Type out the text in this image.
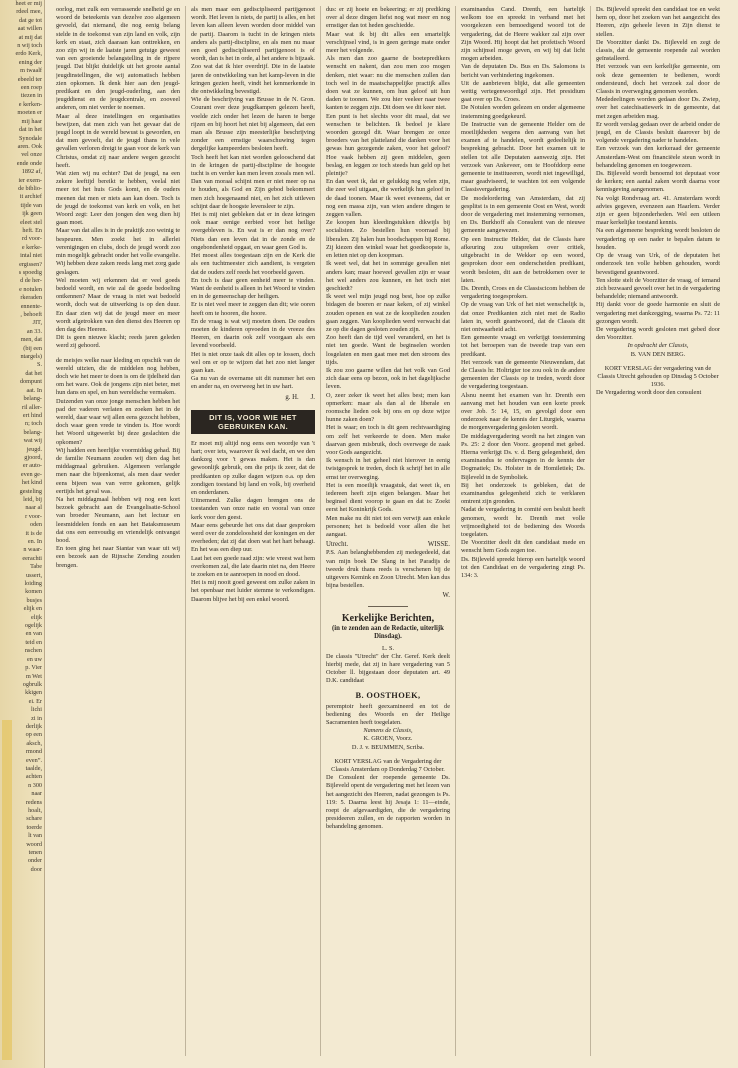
heet er mij

rdeel mee,

dat ge tot

aat willen

at mij dat

n wij toch

erdo Kerk,

ening der

m twaalf

ebeeld ter

een roep

tiezen in

e kerken-

moeten er

mij haar

dat in het

Synodale

aren. Ook

vel onze

ende onde

1892 af,

ier exem-

de biblio-

it archief

tijde van

ijk geen

eleet stel

heft. En

rd voor-

e kerke-

intal niet

ergissen?

s spoedig

d de her-

e notulen

rkeraden

ennente-

, behoeft

JIT,

an 33.

men, dat

(bij een

ntargels)

S.

dat het

dompunt

aat. In

belang-

ril aller-

ert hind

n; toch

belang-

wat wij

jeugd.

gjoord,

er auto-

even ge-

het kind

gesteling

leid, bij

naar al

r voor-

oden

it is de

en. In

n waar-

eerachti

Tabe

ussert,

loiding

komen

busjes

elijk en

elijk

ogelijk

en van

teid en

nschen

en uw

p. Vier

m Wet

ogbrulk

kkigen

ei. Er

lichi

zi in

derlijk

op een

aksch,

rmond

even”.

taalde,

achten

n 300

naar

redens

hoalt,

schare

toerde

lt van

woord

tenen

onder

door

oorlog, met zulk een verrassende snelheid ge en woord de beteekenis van dezelve zoo algemeen gevoeld, dat niemand, die nog eenig belang stelde in de toekomst van zijn land en volk, zijn kerk en staat, zich daaraan kan onttrekken, en zoo zijn wij in de laatste jaren getuige geweest van een groeiende belangstelling in de rijpere jeugd. Dat blijkt duidelijk uit het groote aantal jeugdinstellingen, die wij automatisch hebben zien opkomen. Ik denk hier aan den jeugd-predikant en den jeugd-ouderling, aan den jeugddienst en de jeugdcentrale, en zooveel anderen, om niet verder te noemen.

Maar al deze instellingen en organisaties bewijzen, dat men zich van het gevaar dat de jeugd loopt in de wereld bewust is geworden, en dat men gevoelt, dat de jeugd thans in vele gevallen verloren dreigt te gaan voor de kerk van Christus, omdat zij naar andere wegen gezocht heeft.

Wat zien wij nu echter? Dat de jeugd, na een zekere leeftijd bereikt te hebben, veelal niet meer tot het huis Gods komt, en de ouders meenen dat men er niets aan kan doen. Toch is de jeugd de toekomst van kerk en volk, en het Woord zegt: Leer den jongen den weg dien hij gaan moet.

Maar van dat alles is in de praktijk zoo weinig te bespeuren. Men zoekt het in allerlei verenigingen en clubs, doch de jeugd wordt zoo min mogelijk gebracht onder het volle evangelie. Wij hebben deze zaken reeds lang met zorg gade geslagen.

Wel moeten wij erkennen dat er veel goeds bedoeld wordt, en wie zal de goede bedoeling ontkennen? Maar de vraag is niet wat bedoeld wordt, doch wat de uitwerking is op den duur. En daar zien wij dat de jeugd meer en meer wordt afgetrokken van den dienst des Heeren op den dag des Heeren.

Dit is geen nieuwe klacht; reeds jaren geleden werd zij gehoord.

de meisjes welke naar kleding en opschik van de wereld uitzien, die de middelen nog hebben, doch wie het meer te doen is om de ijdelheid dan om het ware. Ook de jongens zijn niet beter, met hun dans en spel, en hun wereldsche vermaken.

Duizenden van onze jonge menschen hebben het pad der vaderen verlaten en zoeken het in de wereld, daar waar wij allen eens gezocht hebben, doch waar geen vrede te vinden is. Hoe wordt het Woord uitgewerkt bij deze geslachten die opkomen?

Wij hadden een heerlijke voormiddag gehad. Bij de familie Neumann zouden wij dien dag het middagmaal gebruiken. Algemeen verlangde men naar die bijeenkomst, als men daar weder eens bijeen was van verre gekomen, gelijk eertijds het geval was.

Na het middagmaal hebben wij nog een kort bezoek gebracht aan de Evangelisatie-School van broeder Neumann, aan het lectuur en leesmiddelen fonds en aan het Bataksmuseum dat ons een eenvoudig en vriendelijk ontvangst bood.

En toen ging het naar Siantar van waar uit wij een bezoek aan de Rijnsche Zending zouden brengen.

als men maar een gediscipliseerd partijgenoot wordt. Het leven is niets, de partij is alles, en het leven kan alleen leven worden door middel van de partij. Daarom is tucht in de kringen niets anders als partij-discipline, en als men nu maar een goed gediscipliseerd partijgenoot is of wordt, dan is het in orde, al het andere is bijzaak. Zoo wat dat ik hier overdrijf. Die in de laatste jaren de ontwikkeling van het kamp-leven in die kringen gezien heeft, vindt het kenmerkende in die ontwikkeling bevestigd.

Wie de beschrijving van Brusse in de N. Gron. Courant over deze jeugdkampen gelezen heeft, voelde zich onder het lezen de haren te berge rijzen en bij hoort het niet bij algemeen, dat een man als Brusse zijn meesterlijke beschrijving zonder een ernstige waarschuwing tegen dergelijke kampeerders besloten heeft.

Toch heeft het kan niet worden gelooschend dat in de kringen de partij-discipline de hoogste tucht is en verder kan men leven zooals men wil. Dan van moraal schijnt men er niet meer op na te houden, als God en Zijn gebod bekommert men zich hoegenaamd niet, en het zich uitleven schijnt daar de hoogste levensleer te zijn.

Het is mij niet gebleken dat er in deze kringen ook maar eenige eerbied voor het heilige overgebleven is. En wat is er dan nog over? Niets dan een leven dat in de zonde en de ongebondenheid opgaat, en waar geen God is.

Het moest alles toegestaan zijn en de Kerk die als een tuchtmeester zich aandient, is vergeten dat de ouders zelf reeds het voorbeeld gaven.

En toch is daar geen eenheid meer te vinden. Want de eenheid is alleen in het Woord te vinden en in de gemeenschap der heiligen.

Er is niet veel meer te zeggen dan dit; wie ooren heeft om te hooren, die hoore.

En de vraag is wat wij moeten doen. De ouders moeten de kinderen opvoeden in de vreeze des Heeren, en daarin ook zelf voorgaan als een levend voorbeeld.

Het is niet onze taak dit alles op te lossen, doch wel om er op te wijzen dat het zoo niet langer gaan kan.

Ga nu van de overname uit dit nummer het een en ander na, en overweeg het in uw hart.

g. H. J.

DIT IS, VOOR WIE HET GEBRUIKEN KAN.

Er moet mij altijd nog eens een woordje van 't hart; over iets, waarover ik wel dacht, en we den dankzeg voor 't gewas maken. Het is dan gewoonlijk gebruik, om die prijs ik zeer, dat de predikanten op zulke dagen wijzen o.a. op den zondigen toestand bij land en volk, bij overheid en onderdanen.

Uitnemend. Zulke dagen brengen ons de toestanden van onze natie en vooral van onze kerk voor den geest.

Maar eens gebeurde het ons dat daar gesproken werd over de zondeloosheid der koningen en der overheden; dat zij dat doen wat het hart behaagt. En het was een diep uur.

Laat het een goede raad zijn: wie vreest wat hem overkomen zal, die late daarin niet na, den Heere te zoeken en te aanroepen in nood en dood.

Het is mij nooit goed geweest om zulke zaken in het openbaar met luider stemme te verkondigen. Daarom blijve het bij een enkel woord.

dus: er zij hoete en bekeering; er zij prediking over al deze dingen liefst nog wat meer en nog ernstiger dan tot heden geschiedde.

Maar wat ik bij dit alles een smartelijk verschijnsel vind, is in geen geringe mate onder meer het volgende.

Als men dan zoo gaarne de boetepredikers wenscht en nakent, dan zou men zoo mogen denken, niet waar: nu die menschen zullen dan toch wel in de maatschappelijke practijk alles doen wat ze kunnen, om hun geloof uit hun daden te toonen. We zou hier veeleer naar twee kanten te zeggen zijn. Dit doen we dit keer niet.

Een punt is het slechts voor dit maal, dat we wenschen te belichten. Ik bedoel je klare woorden gezegd dit. Waar brengen ze onze broeders van het platteland die danken voor het gewas hun gezegende zaken, voor het geloof? Hoe vaak hebben zij geen middelen, geen beslag, en leggen ze toch steeds hun geld op het pleintje?

En dan weet ik, dat er gelukkig nog velen zijn, die zeer wel uitgaan, die werkelijk hun geloof in de daad toonen. Maar ik weet eveneens, dat er nog een massa zijn, van wien andere dingen te zeggen vallen.

Ze koopen hun kleedingstukken dikwijls bij socialisten. Zo bestellen hun voorraad bij liberalen. Zij halen hun boodschappen bij Rome. Zij kiezen den winkel waar het goedkoopste is, en letten niet op den koopman.

Ik weet wel, dat het in sommige gevallen niet anders kan; maar hoeveel gevallen zijn er waar het wel anders zou kunnen, en het toch niet geschiedt?

Ik weet wel mijn jeugd nog best, hoe op zulke bidagen de boeren er naar keken, of zij winkel zouden openen en wat ze de kooplieden zouden gaan zeggen. Van kooplieden werd verwacht dat ze op die dagen gesloten zouden zijn.

Zoo heeft dan de tijd veel veranderd, en het is niet ten goede. Want de beginselen worden losgelaten en men gaat mee met den stroom des tijds.

Ik zou zoo gaarne willen dat het volk van God zich daar eens op bezon, ook in het dagelijksche leven.

O, zeer zeker ik weet het alles best; men kan opmerken: maar als dan al de liberale en roomsche lieden ook bij ons en op deze wijze hunne zaken doen?

Het is waar; en toch is dit geen rechtvaardiging om zelf het verkeerde te doen. Men make daarvan geen misbruik, doch overwege de zaak voor Gods aangezicht.

Ik wensch in het geheel niet hierover in eenig twistgesprek te treden, doch ik schrijf het in alle ernst ter overweging.

Het is een moeilijk vraagstuk, dat weet ik, en iedereen heeft zijn eigen belangen. Maar het beginsel dient voorop te gaan en dat is: Zoekt eerst het Koninkrijk Gods.

Men make nu dit niet tot een verwijt aan enkele personen; het is bedoeld voor allen die het aangaat.

Utrecht.	WISSE.

P.S. Aan belanghebbenden zij medegedeeld, dat van mijn boek De Slang in het Paradijs de tweede druk thans reeds is verschenen bij de uitgevers Kemink en Zoon Utrecht. Men kan dus bijna bestellen.

W.

Kerkelijke Berichten,
(in te zenden aan de Redactie, uiterlijk Dinsdag).

L. S.

De classis "Utrecht" der Chr. Geref. Kerk deelt hierbij mede, dat zij in hare vergadering van 5 October ll. bijgestaan door deputaten art. 49 D.K. candidaat

B. OOSTHOEK,

peremptoir heeft geexamineerd en tot de bediening des Woords en der Heilige Sacramenten heeft toegelaten.

Namens de Classis,

K. GROEN, Voorz.

D. J. v. BEUMMEN, Scriba.

KORT VERSLAG van de Vergadering der Classis Amsterdam op Donderdag 7 October.

De Consulent der roepende gemeente Ds. Bijleveld opent de vergadering met het lezen van het aangezicht des Heeren, nadat gezongen is Ps. 119: 5. Daarna leest hij Jesaja 1: 11—einde, roept de afgevaardigden, die de vergadering presideeren zullen, en de rapporten worden in behandeling genomen.

examinandus Cand. Drenth, een hartelijk welkom toe en spreekt in verband met het voorgelezen een bemoedigend woord tot de vergadering, dat de Heere wakker zal zijn over Zijn Woord. Hij hoopt dat het profetisch Woord zijn schijnsel moge geven, en wij bij dat licht mogen arbeiden.

Van de deputaten Ds. Bus en Ds. Salomons is bericht van verhindering ingekomen.

Uit de aanbrieven blijkt, dat alle gemeenten wettig vertegenwoordigd zijn. Het presidium gaat over op Ds. Croes.

De Notulen worden gelezen en onder algemeene instemming goedgekeurd.

De Instructie van de gemeente Helder om de moeilijkheden wegens den aanvang van het examen af te handelen, wordt gedeeltelijk in bespreking gebracht. Door het examen uit te stellen tot alle Deputaten aanwezig zijn. Het verzoek van Ankeveer, om te Hoofddorp eene gemeente te institueeren, wordt niet ingewilligd, maar geadviseerd, te wachten tot een volgende Classisvergadering.

De modelordering van Amsterdam, dat zij gesplitst is in een gemeente Oost en West, wordt door de vergadering met instemming vernomen, en Ds. Burkhoff als Consulent van de nieuwe gemeente aangewezen.

Op een Instructie Helder, dat de Classis hare afkeuring zou uitspreken over critiek, uitgebracht in de Wekker op een woord, gesproken door een onderscheiden predikant, wordt besloten, dit aan de betrokkenen over te laten.

Ds. Drenth, Croes en de Classiscicom hebben de vergadering toegesproken.

Op de vraag van Urk of het niet wenschelijk is, dat onze Predikanten zich niet met de Radio laten in, wordt geantwoord, dat de Classis dit niet ontwaarheid acht.

Een gemeente vraagt en verkrijgt toestemming tot het beroepen van de tweede trap van een predikant.

Het verzoek van de gemeente Nieuwendam, dat de Classis hr. Holtrigter toe zou ook in de andere gemeenten der Classis op te treden, wordt door de vergadering toegestaan.

Alsnu neemt het examen van hr. Drenth een aanvang met het houden van een korte preek over Job. 5: 14, 15, en gevolgd door een onderzoek naar de kennis der Liturgiek, waarna de morgenvergadering gesloten wordt.

De middagvergadering wordt na het zingen van Ps. 25: 2 door den Voorz. geopend met gebed. Hierna verkrijgt Ds. v. d. Berg gelegenheid, den examinandus te ondervragen in de kennis der Dogmatiek; Ds. Holster in de Homiletiek; Ds. Bijleveld in de Symboliek.

Bij het onderzoek is gebleken, dat de examinandus gelegenheid zich te verklaren omtrent zijn gronden.

Nadat de vergadering in comité een besluit heeft genomen, wordt hr. Drenth met volle vrijmoedigheid tot de bediening des Woords toegelaten.

De Voorzitter deelt dit den candidaat mede en wenscht hem Gods zegen toe.

Ds. Bijleveld spreekt hierop een hartelijk woord tot den Candidaat en de vergadering zingt Ps. 134: 3.

Ds. Bijleveld spreekt den candidaat toe en wekt hem op, door het zoeken van het aangezicht des Heeren, zijn geheele leven in Zijn dienst te stellen.

De Voorzitter dankt Ds. Bijleveld en zegt de classis, dat de gemeente roepende zal worden geïnstalleerd.

Het verzoek van een kerkelijke gemeente, om ook deze gemeenten te bedienen, wordt ondersteund, doch het verzoek zal door de Classis in overweging genomen worden.

Mededeelingen worden gedaan door Ds. Zwiep, over het catechisatiewerk in de gemeente, dat met zegen arbeiden mag.

Er wordt verslag gedaan over de arbeid onder de jeugd, en de Classis besluit daarover bij de volgende vergadering nader te handelen.

Een verzoek van den kerkeraad der gemeente Amsterdam-West om financiëele steun wordt in behandeling genomen en toegewezen.

Ds. Bijleveld wordt benoemd tot deputaat voor de kerken; een aantal zaken wordt daarna voor kennisgeving aangenomen.

Na volgt Rondvraag art. 41. Amsterdam wordt advies gegeven, evenzeen aan Haarlem. Verder zijn er geen bijzonderheden. Wel een uitleen maar kerkelijke toestand kennis.

Na een algemeene bespreking wordt besloten de vergadering op een nader te bepalen datum te houden.

Op de vraag van Urk, of de deputaten het onderzoek ten volle hebben gehouden, wordt bevestigend geantwoord.

Ten slotte stelt de Voorzitter de vraag, of iemand zich bezwaard gevoelt over het in de vergadering behandelde; niemand antwoordt.

Hij dankt voor de goede harmonie en sluit de vergadering met dankzegging, waarna Ps. 72: 11 gezongen wordt.

De vergadering wordt gesloten met gebed door den Voorzitter.

In opdracht der Classis,

B. VAN DEN BERG.

KORT VERSLAG der vergadering van de Classis Utrecht gehouden op Dinsdag 5 October 1936.

De Vergadering wordt door den consulent
